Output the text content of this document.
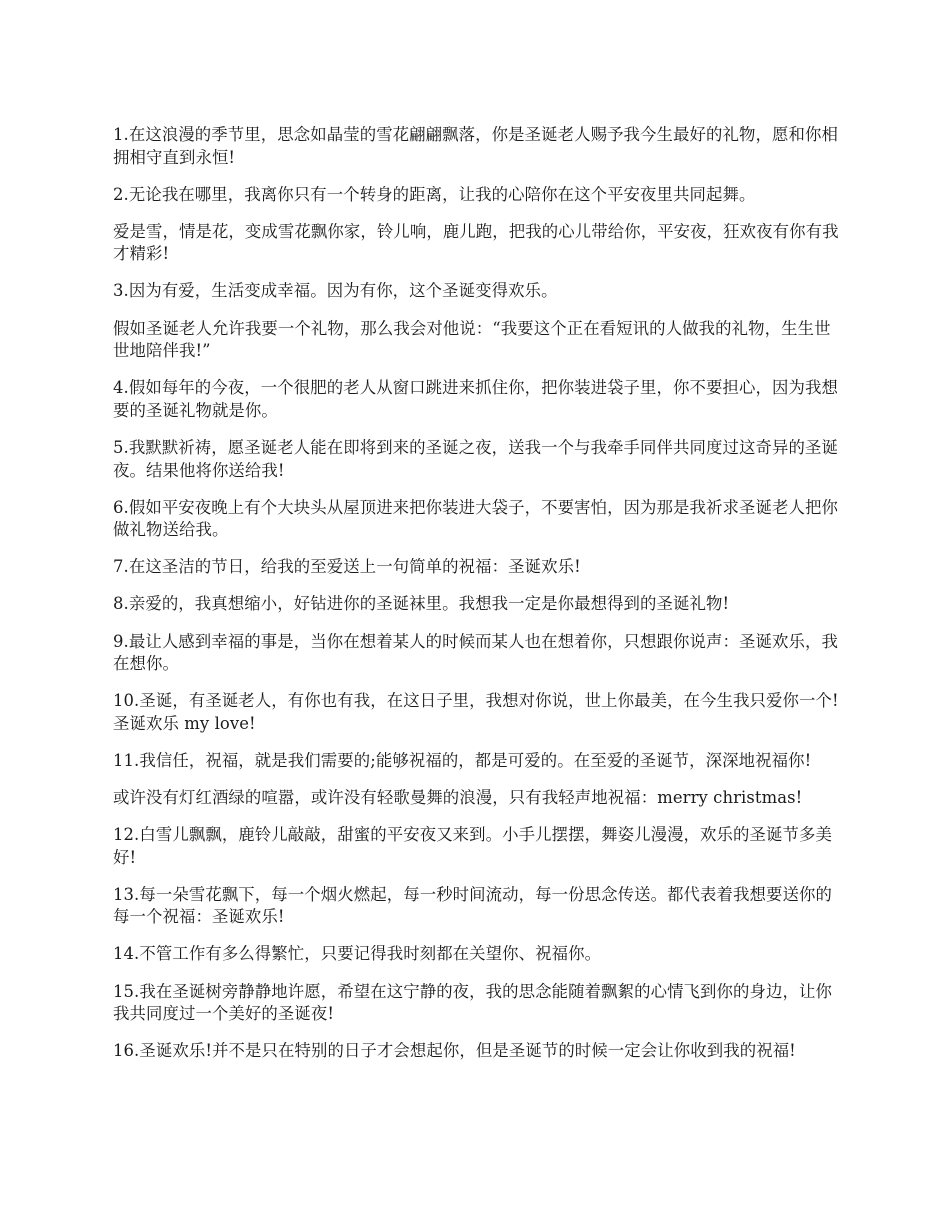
1.在这浪漫的季节里，思念如晶莹的雪花翩翩飘落，你是圣诞老人赐予我今生最好的礼物，愿和你相拥相守直到永恒!

2.无论我在哪里，我离你只有一个转身的距离，让我的心陪你在这个平安夜里共同起舞。

爱是雪，情是花，变成雪花飘你家，铃儿响，鹿儿跑，把我的心儿带给你，平安夜，狂欢夜有你有我才精彩!

3.因为有爱，生活变成幸福。因为有你，这个圣诞变得欢乐。

假如圣诞老人允许我要一个礼物，那么我会对他说：“我要这个正在看短讯的人做我的礼物，生生世世地陪伴我!”

4.假如每年的今夜，一个很肥的老人从窗口跳进来抓住你，把你装进袋子里，你不要担心，因为我想要的圣诞礼物就是你。

5.我默默祈祷，愿圣诞老人能在即将到来的圣诞之夜，送我一个与我牵手同伴共同度过这奇异的圣诞夜。结果他将你送给我!

6.假如平安夜晚上有个大块头从屋顶进来把你装进大袋子，不要害怕，因为那是我祈求圣诞老人把你做礼物送给我。

7.在这圣洁的节日，给我的至爱送上一句简单的祝福：圣诞欢乐!

8.亲爱的，我真想缩小，好钻进你的圣诞袜里。我想我一定是你最想得到的圣诞礼物!

9.最让人感到幸福的事是，当你在想着某人的时候而某人也在想着你，只想跟你说声：圣诞欢乐，我在想你。

10.圣诞，有圣诞老人，有你也有我，在这日子里，我想对你说，世上你最美，在今生我只爱你一个!圣诞欢乐 my love!

11.我信任，祝福，就是我们需要的;能够祝福的，都是可爱的。在至爱的圣诞节，深深地祝福你!

或许没有灯红酒绿的喧嚣，或许没有轻歌曼舞的浪漫，只有我轻声地祝福：merry christmas!

12.白雪儿飘飘，鹿铃儿敲敲，甜蜜的平安夜又来到。小手儿摆摆，舞姿儿漫漫，欢乐的圣诞节多美好!

13.每一朵雪花飘下，每一个烟火燃起，每一秒时间流动，每一份思念传送。都代表着我想要送你的每一个祝福：圣诞欢乐!

14.不管工作有多么得繁忙，只要记得我时刻都在关望你、祝福你。

15.我在圣诞树旁静静地许愿，希望在这宁静的夜，我的思念能随着飘絮的心情飞到你的身边，让你我共同度过一个美好的圣诞夜!

16.圣诞欢乐!并不是只在特别的日子才会想起你，但是圣诞节的时候一定会让你收到我的祝福!
